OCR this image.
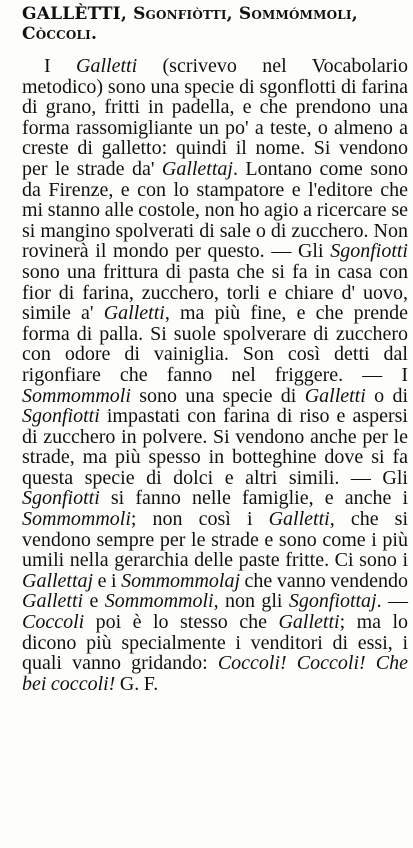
GALLÈTTI, Sgonfiòtti, Sommómmoli, Còccoli.
I Galletti (scrivevo nel Vocabolario metodico) sono una specie di sgonflotti di farina di grano, fritti in padella, e che prendono una forma rassomigliante un po' a teste, o almeno a creste di galletto: quindi il nome. Si vendono per le strade da' Gallettaj. Lontano come sono da Firenze, e con lo stampatore e l'editore che mi stanno alle costole, non ho agio a ricercare se si mangino spolverati di sale o di zucchero. Non rovinerà il mondo per questo. — Gli Sgonfiotti sono una frittura di pasta che si fa in casa con fior di farina, zucchero, torli e chiare d' uovo, simile a' Galletti, ma più fine, e che prende forma di palla. Si suole spolverare di zucchero con odore di vainiglia. Son così detti dal rigonfiare che fanno nel friggere. — I Sommommoli sono una specie di Galletti o di Sgonfiotti impastati con farina di riso e aspersi di zucchero in polvere. Si vendono anche per le strade, ma più spesso in botteghine dove si fa questa specie di dolci e altri simili. — Gli Sgonfiotti si fanno nelle famiglie, e anche i Sommommoli; non così i Galletti, che si vendono sempre per le strade e sono come i più umili nella gerarchia delle paste fritte. Ci sono i Gallettaj e i Sommommolaj che vanno vendendo Galletti e Sommommoli, non gli Sgonfiottaj. — Coccoli poi è lo stesso che Galletti; ma lo dicono più specialmente i venditori di essi, i quali vanno gridando: Coccoli! Coccoli! Che bei coccoli! G. F.
